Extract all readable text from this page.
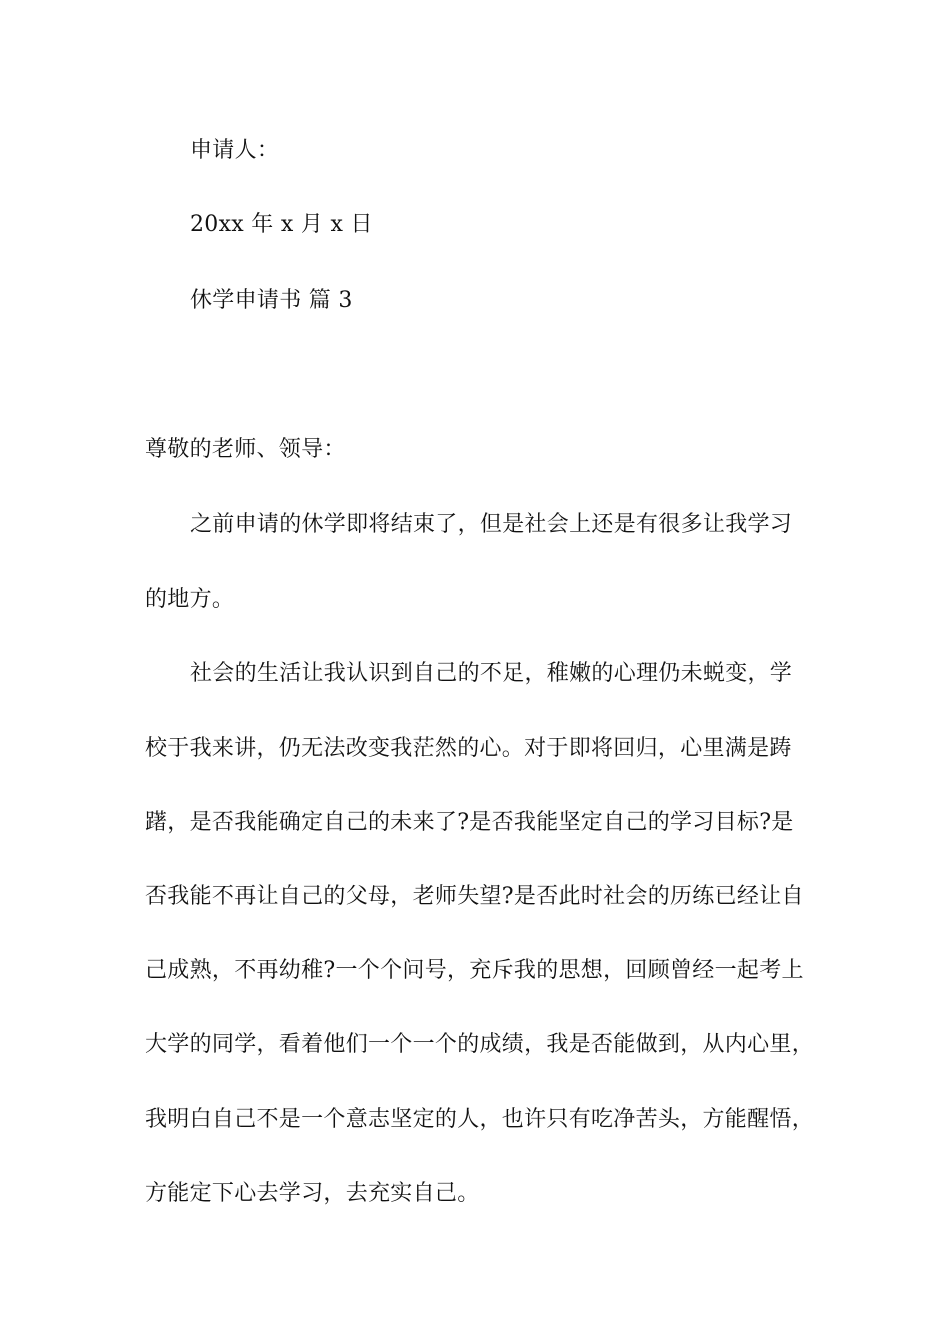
申请人：
20xx 年 x 月 x 日
休学申请书 篇 3
尊敬的老师、领导：
之前申请的休学即将结束了，但是社会上还是有很多让我学习
的地方。
社会的生活让我认识到自己的不足，稚嫩的心理仍未蜕变，学
校于我来讲，仍无法改变我茫然的心。对于即将回归，心里满是踌
躇，是否我能确定自己的未来了?是否我能坚定自己的学习目标?是
否我能不再让自己的父母，老师失望?是否此时社会的历练已经让自
己成熟，不再幼稚?一个个问号，充斥我的思想，回顾曾经一起考上
大学的同学，看着他们一个一个的成绩，我是否能做到，从内心里，
我明白自己不是一个意志坚定的人，也许只有吃净苦头，方能醒悟，
方能定下心去学习，去充实自己。
